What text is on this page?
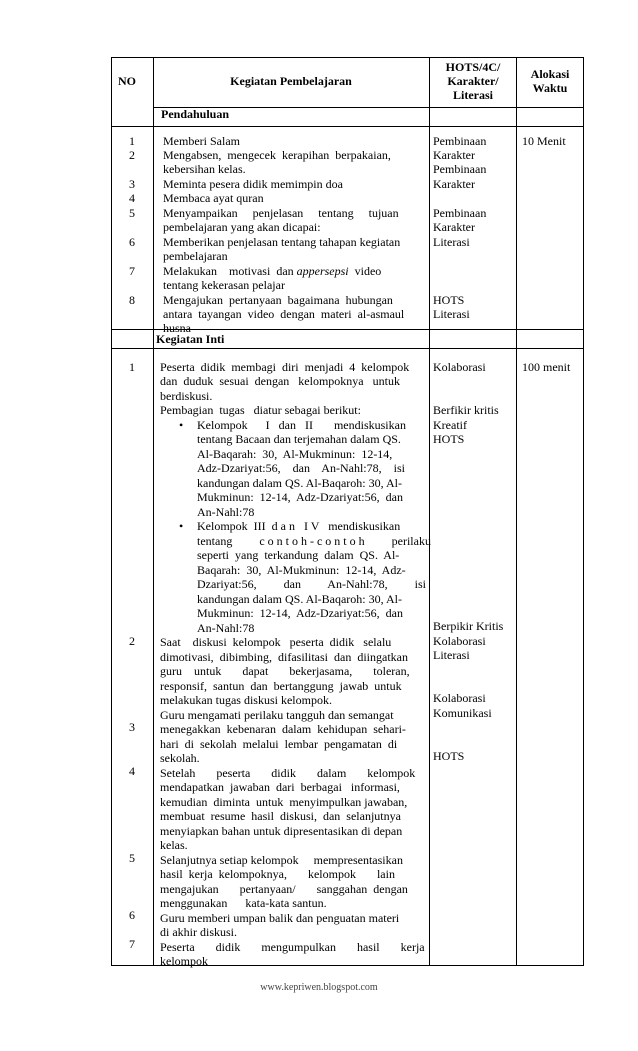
NO	Kegiatan Pembelajaran
HOTS/4C/
Karakter/
Literasi
Alokasi
Waktu
Pendahuluan
1
2
3
4
5
6
7
8
Memberi Salam
Mengabsen,  mengecek  kerapihan  berpakaian,
kebersihan kelas.
Meminta pesera didik memimpin doa
Membaca ayat quran
Menyampaikan     penjelasan     tentang     tujuan
pembelajaran yang akan dicapai:
Memberikan penjelasan tentang tahapan kegiatan
pembelajaran
Melakukan    motivasi  dan appersepsi video
tentang kekerasan pelajar
Mengajukan  pertanyaan  bagaimana  hubungan
antara  tayangan  video  dengan  materi  al-asmaul
husna
Pembinaan
Karakter
Pembinaan
Karakter
Pembinaan
Karakter
Literasi
HOTS
Literasi
10 Menit
Kegiatan Inti
1
2
3
4
5
6
7
Peserta  didik  membagi  diri  menjadi  4  kelompok
dan  duduk  sesuai  dengan   kelompoknya   untuk
berdiskusi.
Pembagian  tugas   diatur sebagai berikut:
• Kelompok      I   dan   II       mendiskusikan
tentang Bacaan dan terjemahan dalam QS.
Al-Baqarah:  30,  Al-Mukminun:  12-14,
Adz-Dzariyat:56,    dan    An-Nahl:78,    isi
kandungan dalam QS. Al-Baqaroh: 30, Al-
Mukminun:  12-14,  Adz-Dzariyat:56,  dan
An-Nahl:78
• Kelompok  III  d a n   I V   mendiskusikan
tentang         c o n t o h - c o n t o h         perilaku
seperti  yang  terkandung  dalam  QS.  Al-
Baqarah:  30,  Al-Mukminun:  12-14,  Adz-
Dzariyat:56,         dan         An-Nahl:78,         isi
kandungan dalam QS. Al-Baqaroh: 30, Al-
Mukminun:  12-14,  Adz-Dzariyat:56,  dan
An-Nahl:78
Saat    diskusi  kelompok   peserta  didik   selalu
dimotivasi,  dibimbing,  difasilitasi  dan  diingatkan
guru    untuk       dapat       bekerjasama,       toleran,
responsif,  santun  dan  bertanggung  jawab  untuk
melakukan tugas diskusi kelompok.
Guru mengamati perilaku tangguh dan semangat
menegakkan  kebenaran  dalam  kehidupan  sehari-
hari  di  sekolah  melalui  lembar  pengamatan  di
sekolah.
Setelah       peserta       didik       dalam       kelompok
mendapatkan  jawaban  dari  berbagai   informasi,
kemudian  diminta  untuk  menyimpulkan jawaban,
membuat  resume  hasil  diskusi,  dan  selanjutnya
menyiapkan bahan untuk dipresentasikan di depan
kelas.
Selanjutnya setiap kelompok     mempresentasikan
hasil  kerja  kelompoknya,       kelompok       lain
mengajukan       pertanyaan/       sanggahan  dengan
menggunakan      kata-kata santun.
Guru memberi umpan balik dan penguatan materi
di akhir diskusi.
Peserta       didik       mengumpulkan       hasil       kerja
kelompok
Kolaborasi
Berfikir kritis
Kreatif
HOTS
Berpikir Kritis
Kolaborasi
Literasi
Kolaborasi
Komunikasi
HOTS
100 menit
www.kepriwen.blogspot.com
